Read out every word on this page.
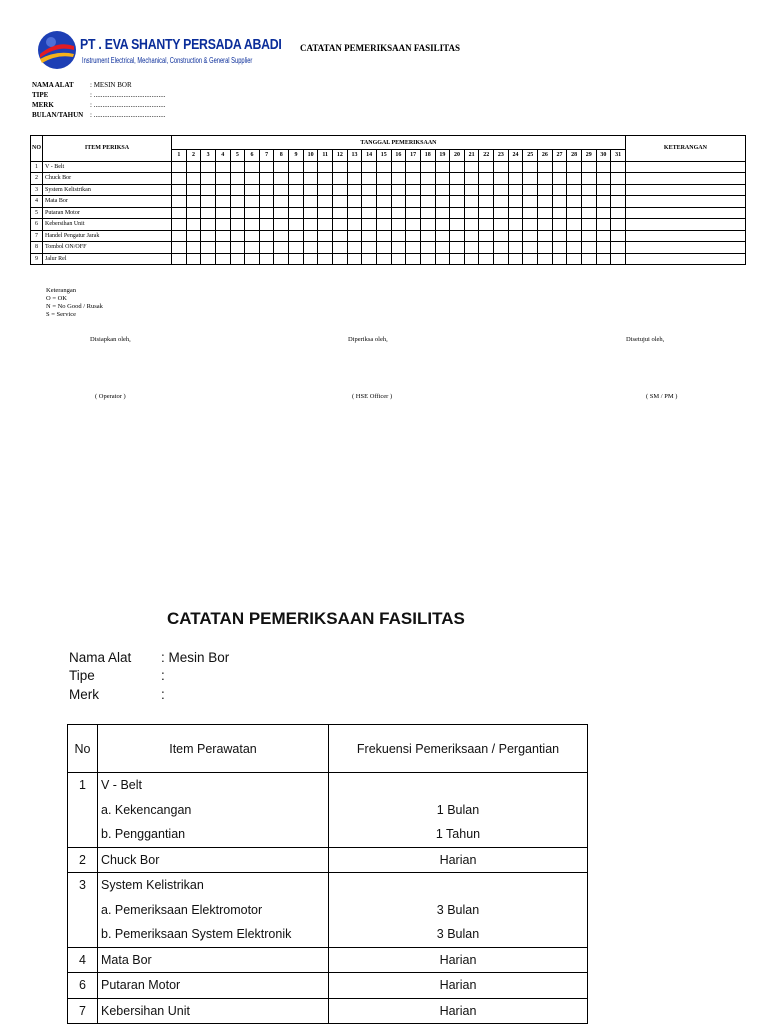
PT . EVA SHANTY PERSADA ABADI
Instrument Electrical, Mechanical, Construction & General Supplier
CATATAN PEMERIKSAAN FASILITAS
NAMA ALAT : MESIN BOR
TIPE	: .........................................
MERK	: .........................................
BULAN/TAHUN : .........................................
NO	ITEM PERIKSA	TANGGAL PEMERIKSAAN																															KETERANGAN
		1	2	3	4	5	6	7	8	9	10	11	12	13	14	15	16	17	18	19	20	21	22	23	24	25	26	27	28	29	30	31	
1	V - Belt																																
2	Chuck Bor																																
3	System Kelistrikan																																
4	Mata Bor																																
5	Putaran Motor																																
6	Kebersihan Unit																																
7	Handel Pengatur Jarak																																
8	Tombol ON/OFF																																
9	Jalur Rel																																
Keterangan
O = OK
N = No Good / Rusak
S = Service
Disiapkan oleh,	Diperiksa oleh,	Disetujui oleh,
( Operator )	( HSE Officer )	( SM / PM )
CATATAN PEMERIKSAAN FASILITAS
Nama Alat : Mesin Bor
Tipe	:
Merk	:
No	Item Perawatan	Frekuensi Pemeriksaan / Pergantian
1	V - Belt	
	a. Kekencangan	1 Bulan
	b. Penggantian	1 Tahun
2	Chuck Bor	Harian
3	System Kelistrikan	
	a. Pemeriksaan Elektromotor	3 Bulan
	b. Pemeriksaan System Elektronik	3 Bulan
4	Mata Bor	Harian
6	Putaran Motor	Harian
7	Kebersihan Unit	Harian
